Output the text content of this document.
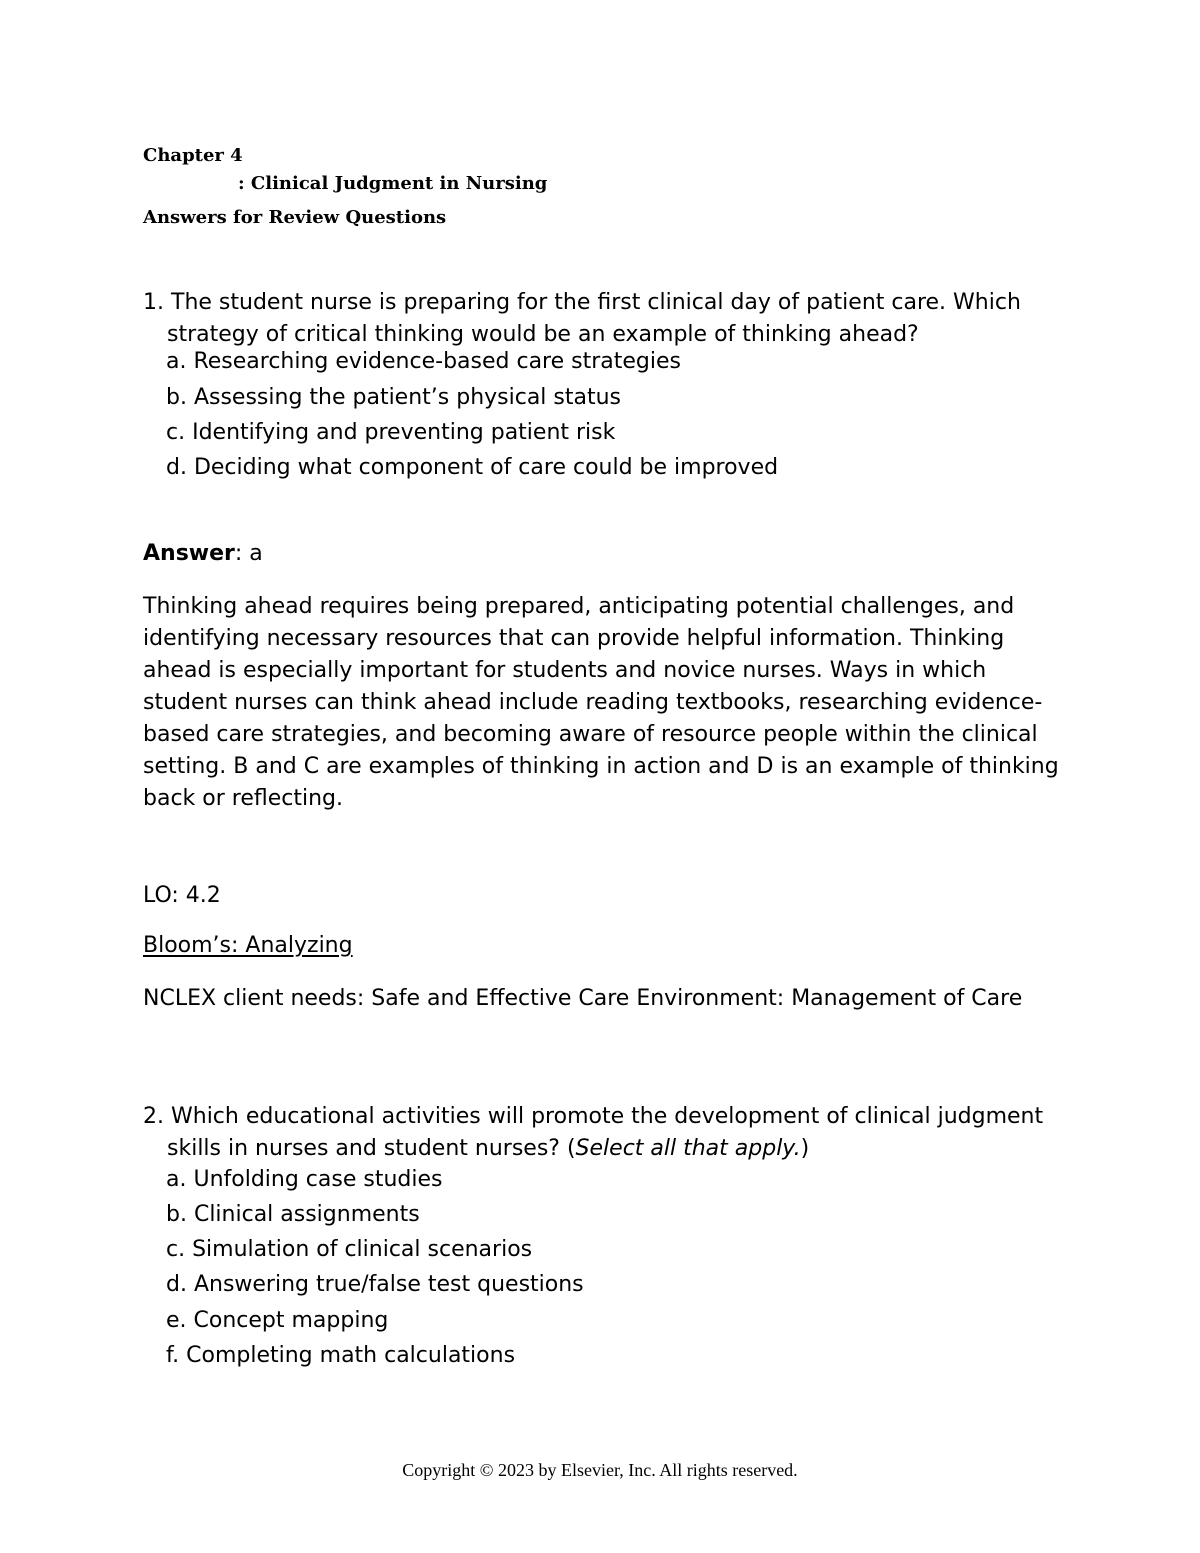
Chapter 4
: Clinical Judgment in Nursing
Answers for Review Questions
1. The student nurse is preparing for the first clinical day of patient care. Which strategy of critical thinking would be an example of thinking ahead?
a. Researching evidence-based care strategies
b. Assessing the patient’s physical status
c. Identifying and preventing patient risk
d. Deciding what component of care could be improved
Answer: a
Thinking ahead requires being prepared, anticipating potential challenges, and identifying necessary resources that can provide helpful information. Thinking ahead is especially important for students and novice nurses. Ways in which student nurses can think ahead include reading textbooks, researching evidence-based care strategies, and becoming aware of resource people within the clinical setting. B and C are examples of thinking in action and D is an example of thinking back or reflecting.
LO: 4.2
Bloom’s: Analyzing
NCLEX client needs: Safe and Effective Care Environment: Management of Care
2. Which educational activities will promote the development of clinical judgment skills in nurses and student nurses? (Select all that apply.)
a. Unfolding case studies
b. Clinical assignments
c. Simulation of clinical scenarios
d. Answering true/false test questions
e. Concept mapping
f. Completing math calculations
Copyright © 2023 by Elsevier, Inc. All rights reserved.
